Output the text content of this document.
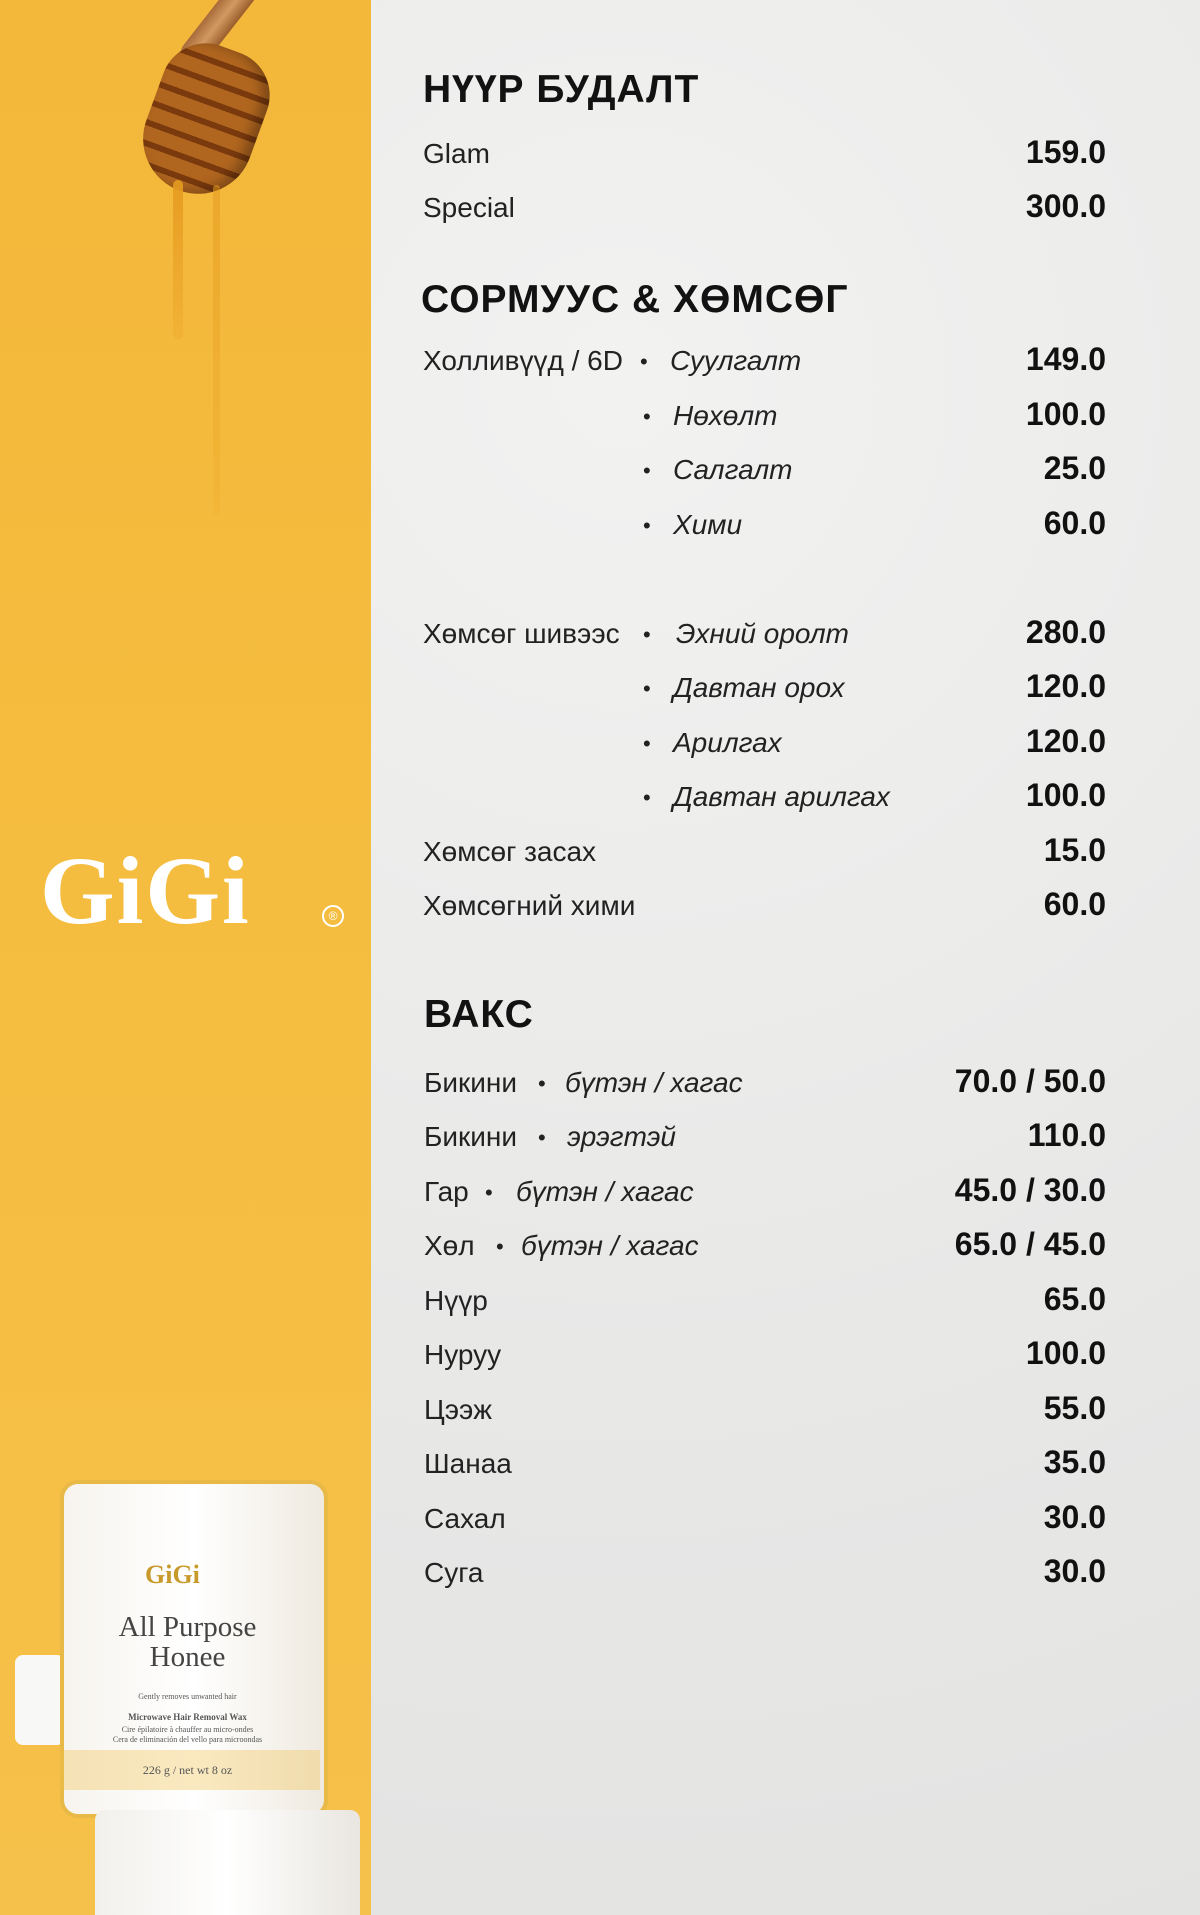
GiGi	®
GiGi
All Purpose Honee
Gently removes unwanted hair
Microwave Hair Removal Wax
Cire épilatoire à chauffer au micro-ondes
Cera de eliminación del vello para microondas
226 g / net wt 8 oz
НҮҮР БУДАЛТ
Glam	159.0
Special	300.0
СОРМУУС & ХӨМСӨГ
Холливүүд / 6D • Суулгалт	149.0
• Нөхөлт	100.0
• Салгалт	25.0
• Хими	60.0
Хөмсөг шивээс • Эхний оролт	280.0
• Давтан орох	120.0
• Арилгах	120.0
• Давтан арилгах	100.0
Хөмсөг засах	15.0
Хөмсөгний хими	60.0
ВАКС
Бикини • бүтэн / хагас	70.0 / 50.0
Бикини • эрэгтэй	110.0
Гар • бүтэн / хагас	45.0 / 30.0
Хөл • бүтэн / хагас	65.0 / 45.0
Нүүр	65.0
Нуруу	100.0
Цээж	55.0
Шанаа	35.0
Сахал	30.0
Суга	30.0
